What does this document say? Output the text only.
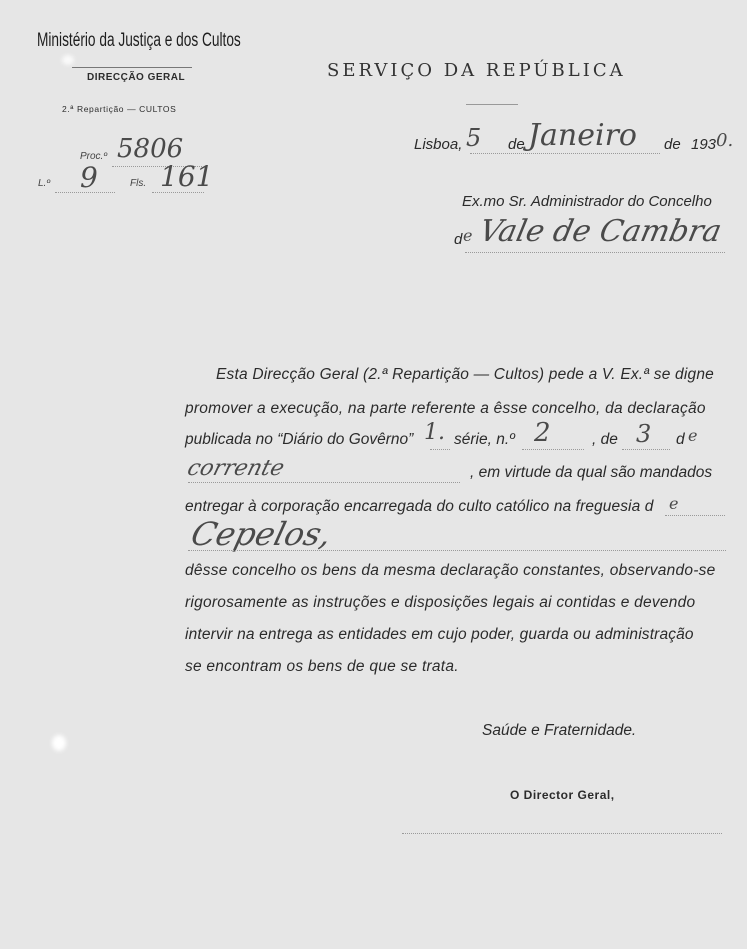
Ministério da Justiça e dos Cultos
DIRECÇÃO GERAL
2.ª Repartição — CULTOS
SERVIÇO DA REPÚBLICA
Proc.º 5806
L.º 9	Fls. 161
Lisboa, 5 de Janeiro de 193 0.
Ex.mo Sr. Administrador do Concelho
d e Vale de Cambra
Esta Direcção Geral (2.ª Repartição — Cultos) pede a V. Ex.ª se digne
promover a execução, na parte referente a êsse concelho, da declaração
publicada no “Diário do Govêrno” 1. série, n.º 2	, de 3 d e
corrente	, em virtude da qual são mandados
entregar à corporação encarregada do culto católico na freguesia d e
Cepelos,
dêsse concelho os bens da mesma declaração constantes, observando-se
rigorosamente as instruções e disposições legais ai contidas e devendo
intervir na entrega as entidades em cujo poder, guarda ou administração
se encontram os bens de que se trata.
Saúde e Fraternidade.
O Director Geral,
